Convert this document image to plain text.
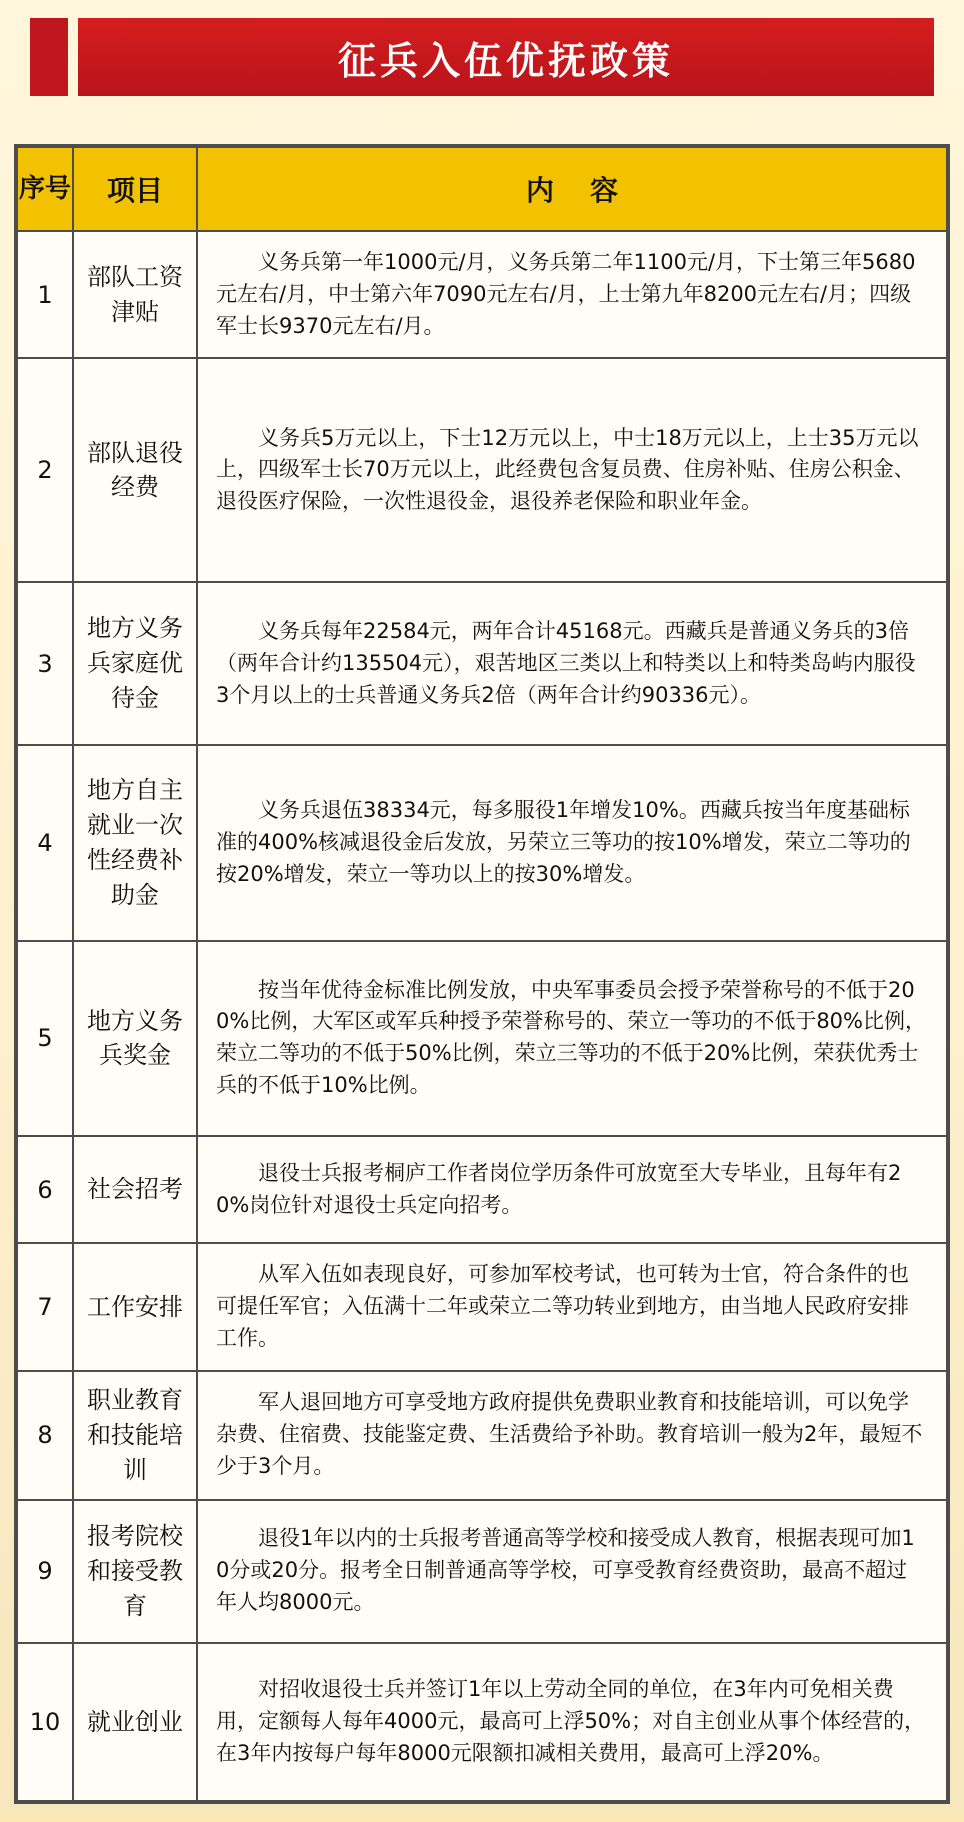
征兵入伍优抚政策
序号	项目	内容
1	部队工资津贴	义务兵第一年1000元/月，义务兵第二年1100元/月，下士第三年5680元左右/月，中士第六年7090元左右/月，上士第九年8200元左右/月；四级军士长9370元左右/月。

2	部队退役经费	义务兵5万元以上，下士12万元以上，中士18万元以上，上士35万元以上，四级军士长70万元以上，此经费包含复员费、住房补贴、住房公积金、退役医疗保险，一次性退役金，退役养老保险和职业年金。

3	地方义务兵家庭优待金	义务兵每年22584元，两年合计45168元。西藏兵是普通义务兵的3倍（两年合计约135504元），艰苦地区三类以上和特类以上和特类岛屿内服役3个月以上的士兵普通义务兵2倍（两年合计约90336元）。

4	地方自主就业一次性经费补助金	义务兵退伍38334元，每多服役1年增发10%。西藏兵按当年度基础标准的400%核减退役金后发放，另荣立三等功的按10%增发，荣立二等功的按20%增发，荣立一等功以上的按30%增发。

5	地方义务兵奖金	按当年优待金标准比例发放，中央军事委员会授予荣誉称号的不低于200%比例，大军区或军兵种授予荣誉称号的、荣立一等功的不低于80%比例，荣立二等功的不低于50%比例，荣立三等功的不低于20%比例，荣获优秀士兵的不低于10%比例。

6	社会招考	退役士兵报考桐庐工作者岗位学历条件可放宽至大专毕业，且每年有20%岗位针对退役士兵定向招考。

7	工作安排	从军入伍如表现良好，可参加军校考试，也可转为士官，符合条件的也可提任军官；入伍满十二年或荣立二等功转业到地方，由当地人民政府安排工作。

8	职业教育和技能培训	军人退回地方可享受地方政府提供免费职业教育和技能培训，可以免学杂费、住宿费、技能鉴定费、生活费给予补助。教育培训一般为2年，最短不少于3个月。

9	报考院校和接受教育	退役1年以内的士兵报考普通高等学校和接受成人教育，根据表现可加10分或20分。报考全日制普通高等学校，可享受教育经费资助，最高不超过年人均8000元。

10	就业创业	对招收退役士兵并签订1年以上劳动全同的单位，在3年内可免相关费用，定额每人每年4000元，最高可上浮50%；对自主创业从事个体经营的，在3年内按每户每年8000元限额扣减相关费用，最高可上浮20%。
